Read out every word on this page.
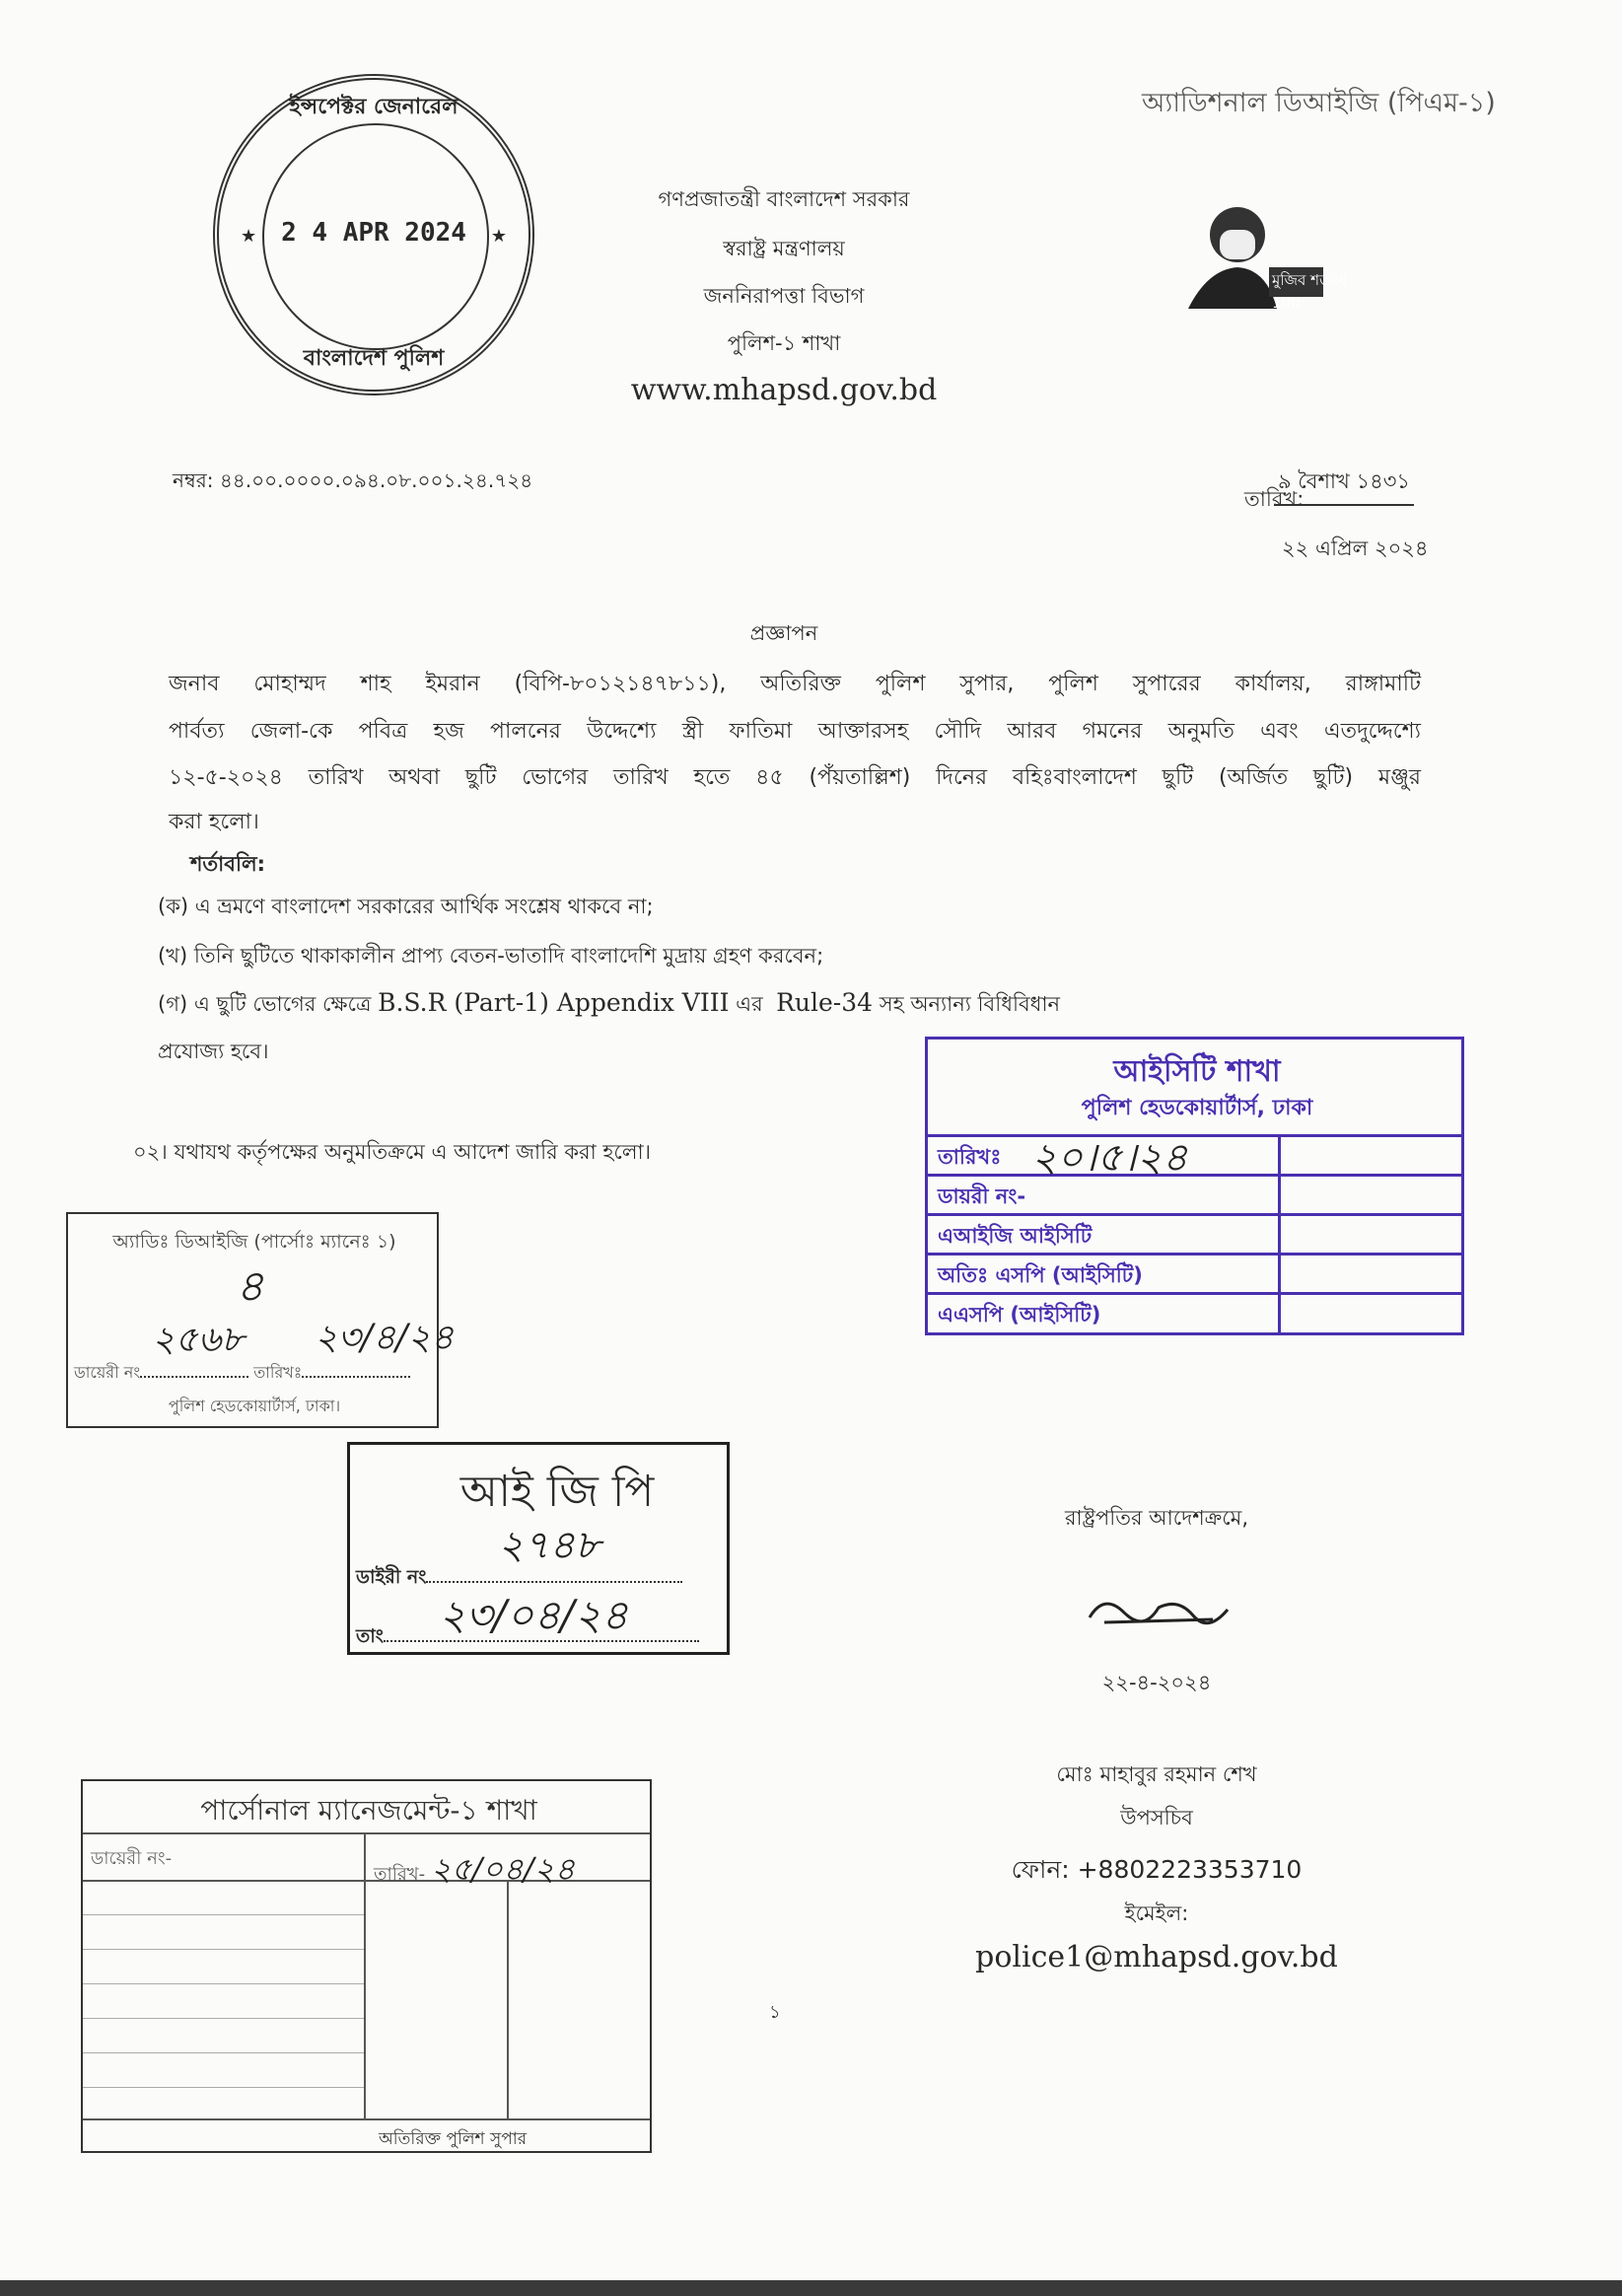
অ্যাডিশনাল ডিআইজি (পিএম-১)
ইন্সপেক্টর জেনারেল
★	★
2 4 APR 2024
বাংলাদেশ পুলিশ
গণপ্রজাতন্ত্রী বাংলাদেশ সরকার
স্বরাষ্ট্র মন্ত্রণালয়
জননিরাপত্তা বিভাগ
পুলিশ-১ শাখা
www.mhapsd.gov.bd
মুজিব শতবর্ষ 100
নম্বর: ৪৪.০০.০০০০.০৯৪.০৮.০০১.২৪.৭২৪
তারিখ:
৯ বৈশাখ ১৪৩১
২২ এপ্রিল ২০২৪
প্রজ্ঞাপন
জনাব মোহাম্মদ শাহ ইমরান (বিপি-৮০১২১৪৭৮১১), অতিরিক্ত পুলিশ সুপার, পুলিশ সুপারের কার্যালয়, রাঙ্গামাটি
পার্বত্য জেলা-কে পবিত্র হজ পালনের উদ্দেশ্যে স্ত্রী ফাতিমা আক্তারসহ সৌদি আরব গমনের অনুমতি এবং এতদুদ্দেশ্যে
১২-৫-২০২৪ তারিখ অথবা ছুটি ভোগের তারিখ হতে ৪৫ (পঁয়তাল্লিশ) দিনের বহিঃবাংলাদেশ ছুটি (অর্জিত ছুটি) মঞ্জুর
করা হলো।
শর্তাবলি:
(ক) এ ভ্রমণে বাংলাদেশ সরকারের আর্থিক সংশ্লেষ থাকবে না;
(খ) তিনি ছুটিতে থাকাকালীন প্রাপ্য বেতন-ভাতাদি বাংলাদেশি মুদ্রায় গ্রহণ করবেন;
(গ) এ ছুটি ভোগের ক্ষেত্রে B.S.R (Part-1) Appendix VIII এর Rule-34 সহ অন্যান্য বিধিবিধান
প্রযোজ্য হবে।
০২। যথাযথ কর্তৃপক্ষের অনুমতিক্রমে এ আদেশ জারি করা হলো।
আইসিটি শাখা
পুলিশ হেডকোয়ার্টার্স, ঢাকা
তারিখঃ
ডায়রী নং-
এআইজি আইসিটি
অতিঃ এসপি (আইসিটি)
এএসপি (আইসিটি)
২০।৫।২৪
অ্যাডিঃ ডিআইজি (পার্সোঃ ম্যানেঃ ১)
৪
২৫৬৮ ২৩/৪/২৪
ডায়েরী নং	তারিখঃ
পুলিশ হেডকোয়ার্টার্স, ঢাকা।
আই জি পি
২৭৪৮
ডাইরী নং
২৩/০৪/২৪
তাং
রাষ্ট্রপতির আদেশক্রমে,
২২-৪-২০২৪
মোঃ মাহাবুর রহমান শেখ
উপসচিব
ফোন: +8802223353710
ইমেইল:
police1@mhapsd.gov.bd
১
পার্সোনাল ম্যানেজমেন্ট-১ শাখা
ডায়েরী নং-
তারিখ- ২৫/০৪/২৪
অতিরিক্ত পুলিশ সুপার
